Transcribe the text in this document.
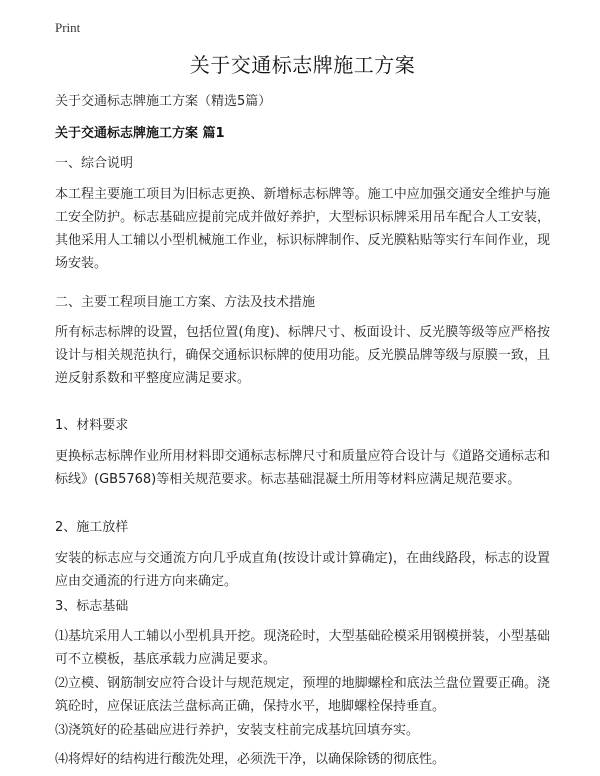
Print
关于交通标志牌施工方案
关于交通标志牌施工方案（精选5篇）
关于交通标志牌施工方案 篇1
一、综合说明
本工程主要施工项目为旧标志更换、新增标志标牌等。施工中应加强交通安全维护与施工安全防护。标志基础应提前完成并做好养护，大型标识标牌采用吊车配合人工安装，其他采用人工辅以小型机械施工作业，标识标牌制作、反光膜粘贴等实行车间作业，现场安装。
二、主要工程项目施工方案、方法及技术措施
所有标志标牌的设置，包括位置(角度)、标牌尺寸、板面设计、反光膜等级等应严格按设计与相关规范执行，确保交通标识标牌的使用功能。反光膜品牌等级与原膜一致，且逆反射系数和平整度应满足要求。
1、材料要求
更换标志标牌作业所用材料即交通标志标牌尺寸和质量应符合设计与《道路交通标志和标线》(GB5768)等相关规范要求。标志基础混凝土所用等材料应满足规范要求。
2、施工放样
安装的标志应与交通流方向几乎成直角(按设计或计算确定)，在曲线路段，标志的设置应由交通流的行进方向来确定。
3、标志基础
⑴基坑采用人工辅以小型机具开挖。现浇砼时，大型基础砼模采用钢模拼装，小型基础可不立模板，基底承载力应满足要求。
⑵立模、钢筋制安应符合设计与规范规定，预埋的地脚螺栓和底法兰盘位置要正确。浇筑砼时，应保证底法兰盘标高正确，保持水平，地脚螺栓保持垂直。
⑶浇筑好的砼基础应进行养护，安装支柱前完成基坑回填夯实。
⑷将焊好的结构进行酸洗处理，必须洗干净，以确保除锈的彻底性。
